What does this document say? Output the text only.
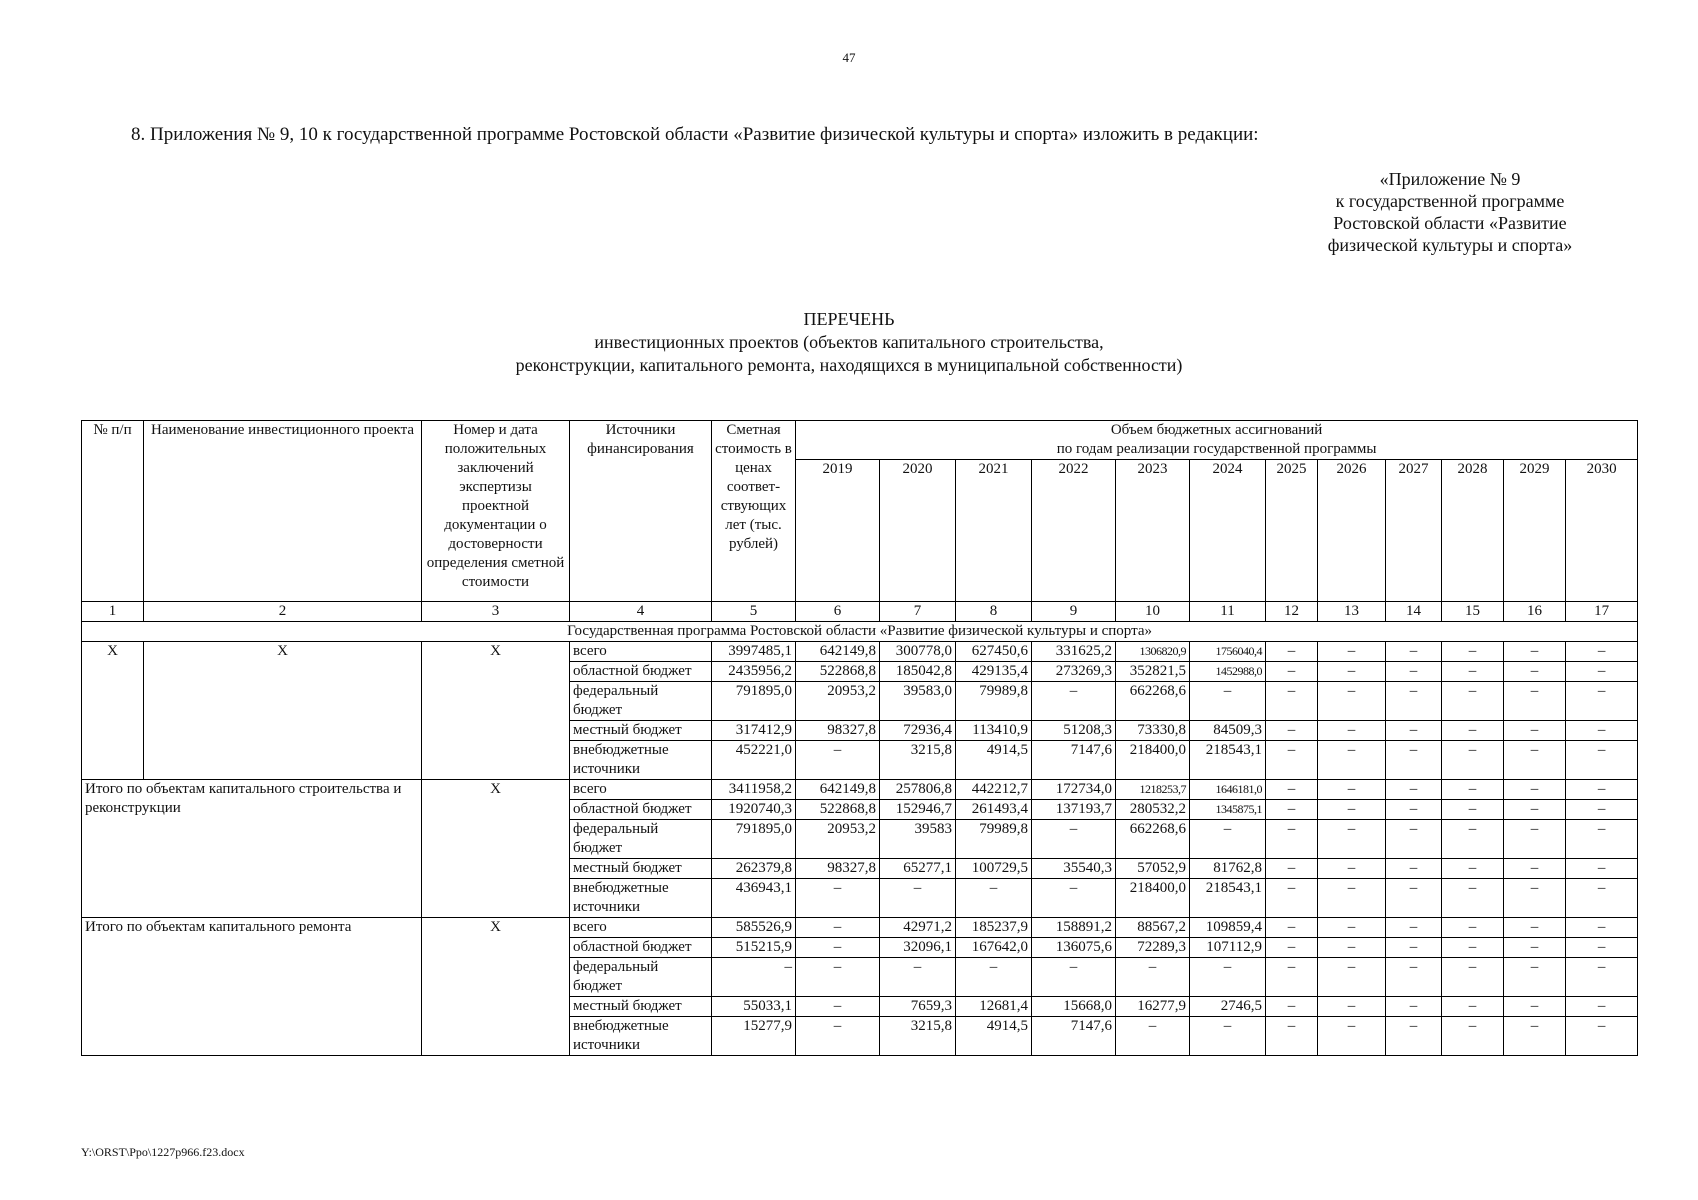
47
8. Приложения № 9, 10 к государственной программе Ростовской области «Развитие физической культуры и спорта» изложить в редакции:
«Приложение № 9
к государственной программе
Ростовской области «Развитие
физической культуры и спорта»
ПЕРЕЧЕНЬ
инвестиционных проектов (объектов капитального строительства,
реконструкции, капитального ремонта, находящихся в муниципальной собственности)
№ п/п	Наименование инвестиционного проекта	Номер и дата положительных заключений экспертизы проектной документации о достоверности определения сметной стоимости	Источники финансирования	Сметная стоимость в ценах соответ-ствующих лет (тыс. рублей)	Объем бюджетных ассигнований
по годам реализации государственной программы											

					2019	2020	2021	2022	2023	2024	2025	2026	2027	2028	2029	2030
1	2	3	4	5	6	7	8	9	10	11	12	13	14	15	16	17
Государственная программа Ростовской области «Развитие физической культуры и спорта»																
X	X	X	всего	3997485,1	642149,8	300778,0	627450,6	331625,2	1306820,9	1756040,4	–	–	–	–	–	–
			областной бюджет	2435956,2	522868,8	185042,8	429135,4	273269,3	352821,5	1452988,0	–	–	–	–	–	–
			федеральный бюджет	791895,0	20953,2	39583,0	79989,8	–	662268,6	–	–	–	–	–	–	–
			местный бюджет	317412,9	98327,8	72936,4	113410,9	51208,3	73330,8	84509,3	–	–	–	–	–	–
			внебюджетные источники	452221,0	–	3215,8	4914,5	7147,6	218400,0	218543,1	–	–	–	–	–	–
Итого по объектам капитального строительства и реконструкции		X	всего	3411958,2	642149,8	257806,8	442212,7	172734,0	1218253,7	1646181,0	–	–	–	–	–	–
			областной бюджет	1920740,3	522868,8	152946,7	261493,4	137193,7	280532,2	1345875,1	–	–	–	–	–	–
			федеральный бюджет	791895,0	20953,2	39583	79989,8	–	662268,6	–	–	–	–	–	–	–
			местный бюджет	262379,8	98327,8	65277,1	100729,5	35540,3	57052,9	81762,8	–	–	–	–	–	–
			внебюджетные источники	436943,1	–	–	–	–	218400,0	218543,1	–	–	–	–	–	–
Итого по объектам капитального ремонта		X	всего	585526,9	–	42971,2	185237,9	158891,2	88567,2	109859,4	–	–	–	–	–	–
			областной бюджет	515215,9	–	32096,1	167642,0	136075,6	72289,3	107112,9	–	–	–	–	–	–
			федеральный бюджет	–	–	–	–	–	–	–	–	–	–	–	–	–
			местный бюджет	55033,1	–	7659,3	12681,4	15668,0	16277,9	2746,5	–	–	–	–	–	–
			внебюджетные источники	15277,9	–	3215,8	4914,5	7147,6	–	–	–	–	–	–	–	–
Y:\ORST\Ppo\1227p966.f23.docx
